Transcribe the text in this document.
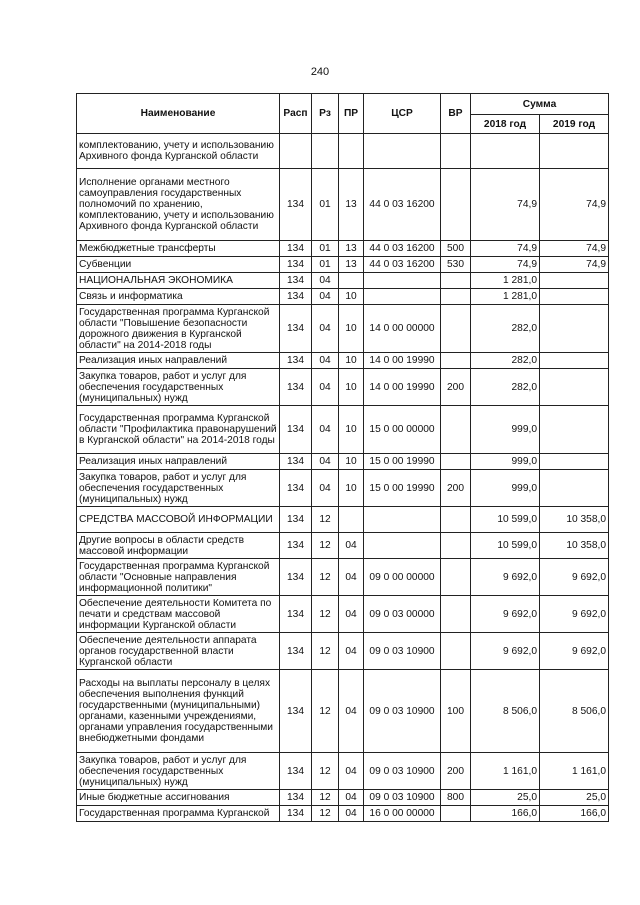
240
Наименование	Расп	Рз	ПР	ЦСР	ВР	Сумма	
						2018 год	2019 год
комплектованию, учету и использованию Архивного фонда Курганской области							
Исполнение органами местного самоуправления государственных полномочий по хранению, комплектованию, учету и использованию Архивного фонда Курганской области	134	01	13	44 0 03 16200		74,9	74,9
Межбюджетные трансферты	134	01	13	44 0 03 16200	500	74,9	74,9
Субвенции	134	01	13	44 0 03 16200	530	74,9	74,9
НАЦИОНАЛЬНАЯ ЭКОНОМИКА	134	04				1 281,0	
Связь и информатика	134	04	10			1 281,0	
Государственная программа Курганской области "Повышение безопасности дорожного движения в Курганской области" на 2014-2018 годы	134	04	10	14 0 00 00000		282,0	
Реализация иных направлений	134	04	10	14 0 00 19990		282,0	
Закупка товаров, работ и услуг для обеспечения государственных (муниципальных) нужд	134	04	10	14 0 00 19990	200	282,0	
Государственная программа Курганской области "Профилактика правонарушений в Курганской области" на 2014-2018 годы	134	04	10	15 0 00 00000		999,0	
Реализация иных направлений	134	04	10	15 0 00 19990		999,0	
Закупка товаров, работ и услуг для обеспечения государственных (муниципальных) нужд	134	04	10	15 0 00 19990	200	999,0	
СРЕДСТВА МАССОВОЙ ИНФОРМАЦИИ	134	12				10 599,0	10 358,0
Другие вопросы в области средств массовой информации	134	12	04			10 599,0	10 358,0
Государственная программа Курганской области "Основные направления информационной политики"	134	12	04	09 0 00 00000		9 692,0	9 692,0
Обеспечение деятельности Комитета по печати и средствам массовой информации Курганской области	134	12	04	09 0 03 00000		9 692,0	9 692,0
Обеспечение деятельности аппарата органов государственной власти Курганской области	134	12	04	09 0 03 10900		9 692,0	9 692,0
Расходы на выплаты персоналу в целях обеспечения выполнения функций государственными (муниципальными) органами, казенными учреждениями, органами управления государственными внебюджетными фондами	134	12	04	09 0 03 10900	100	8 506,0	8 506,0
Закупка товаров, работ и услуг для обеспечения государственных (муниципальных) нужд	134	12	04	09 0 03 10900	200	1 161,0	1 161,0
Иные бюджетные ассигнования	134	12	04	09 0 03 10900	800	25,0	25,0
Государственная программа Курганской	134	12	04	16 0 00 00000		166,0	166,0
